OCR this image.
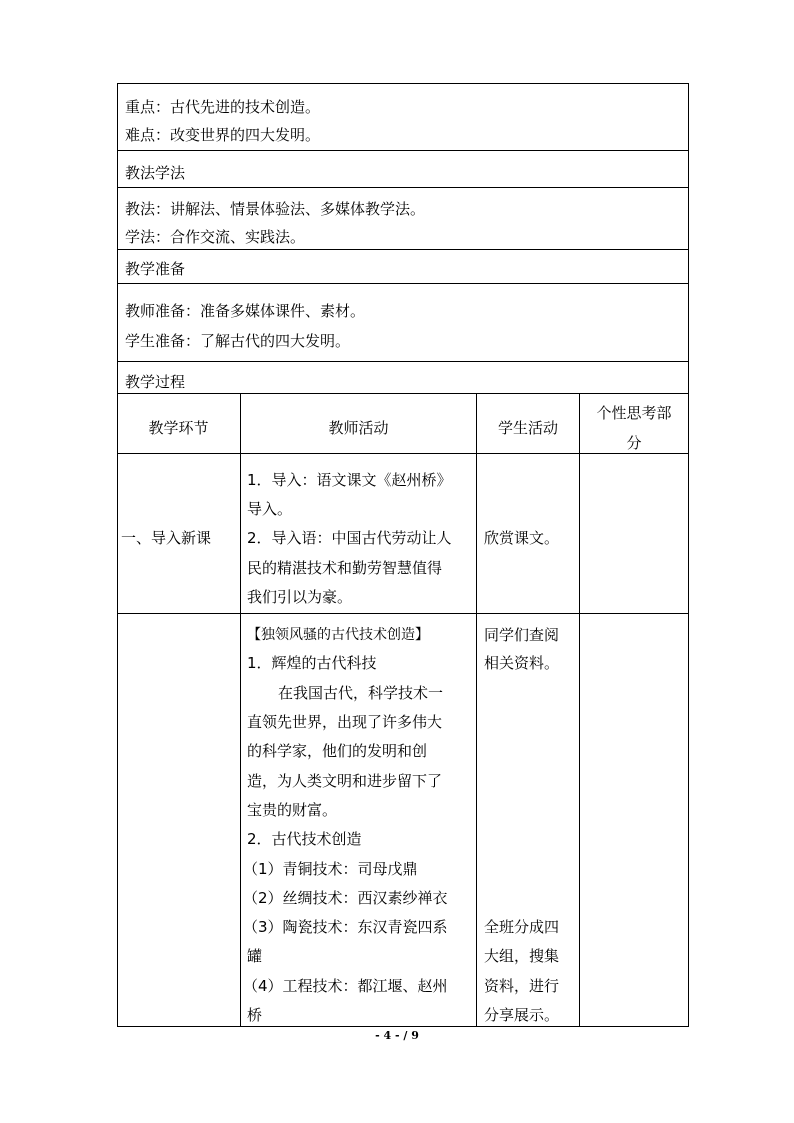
重点：古代先进的技术创造。
难点：改变世界的四大发明。
教法学法
教法：讲解法、情景体验法、多媒体教学法。
学法：合作交流、实践法。
教学准备
教师准备：准备多媒体课件、素材。
学生准备：了解古代的四大发明。
教学过程
教学环节	教师活动	学生活动
个性思考部
分
一、导入新课
1．导入：语文课文《赵州桥》
导入。
2．导入语：中国古代劳动让人
民的精湛技术和勤劳智慧值得
我们引以为豪。
欣赏课文。
【独领风骚的古代技术创造】
1．辉煌的古代科技
在我国古代，科学技术一
直领先世界，出现了许多伟大
的科学家，他们的发明和创
造，为人类文明和进步留下了
宝贵的财富。
2．古代技术创造
（1）青铜技术：司母戊鼎
（2）丝绸技术：西汉素纱禅衣
（3）陶瓷技术：东汉青瓷四系
罐
（4）工程技术：都江堰、赵州
桥
同学们查阅
相关资料。
全班分成四
大组，搜集
资料，进行
分享展示。
- 4 - / 9
